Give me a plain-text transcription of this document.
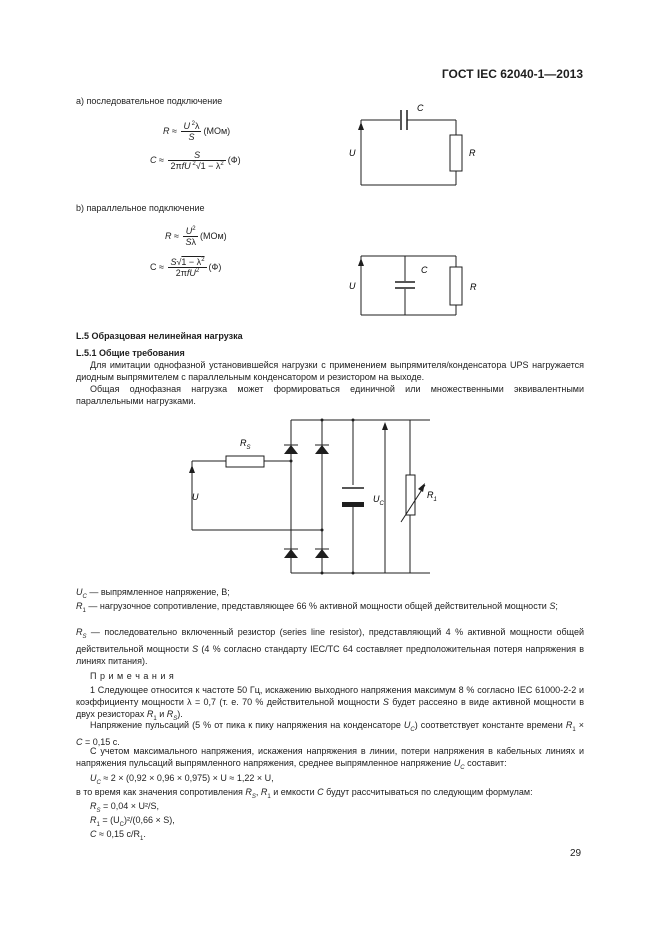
ГОСТ IEC 62040-1—2013
а) последовательное подключение
$R \approx \frac{U ^2\lambda}{S} (МОм)$
$C \approx \frac{S}{2\pi fU ^2√1 - \lambda^2} (Ф)$
C
R
U
b) параллельное подключение
$R \approx \frac{U^2}{S\lambda} (МОм)$
$C \approx \frac{S√1 - \lambda^2}{2\pi fU^2} (Ф)$	C
R
U
L.5 Образцовая нелинейная нагрузка
L.5.1 Общие требования
Для имитации однофазной установившейся нагрузки с применением выпрямителя/конденсатора UPS нагружается диодным выпрямителем с параллельным конденсатором и резистором на выходе.
Общая однофазная нагрузка может формироваться единичной или множественными эквивалентными параллельными нагрузками.
$R_S$
U	$U_C$
$R_1$
$U_C$ — выпрямленное напряжение, В;
$R_1$ — нагрузочное сопротивление, представляющее 66 % активной мощности общей действительной мощности S;
$R_S$ — последовательно включенный резистор (series line resistor), представляющий 4 % активной мощности общей действительной мощности S (4 % согласно стандарту IEC/TC 64 составляет предположительная потеря напряжения в линиях питания).
П р и м е ч а н и я
1 Следующее относится к частоте 50 Гц, искажению выходного напряжения максимум 8 % согласно IEC 61000-2-2 и коэффициенту мощности λ = 0,7 (т. е. 70 % действительной мощности S будет рассеяно в виде активной мощности в двух резисторах $R_1$ и $R_S$).
Напряжение пульсаций (5 % от пика к пику напряжения на конденсаторе $U_C$) соответствует константе времени $R_1 \times C = 0,15$ с.
С учетом максимального напряжения, искажения напряжения в линии, потери напряжения в кабельных линиях и напряжения пульсаций выпрямленного напряжения, среднее выпрямленное напряжение $U_C$ составит:
$U_C \approx 2 \times (0,92 \times 0,96 \times 0,975) \times U \approx 1,22 \times U$,
в то время как значения сопротивления $R_S$, $R_1$ и емкости C будут рассчитываться по следующим формулам:
$R_S = 0,04 \times U^2/S$,
$R_1 = (U_C)^2/(0,66 \times S)$,
C ≈ 0,15 $c/R_1$.
29
